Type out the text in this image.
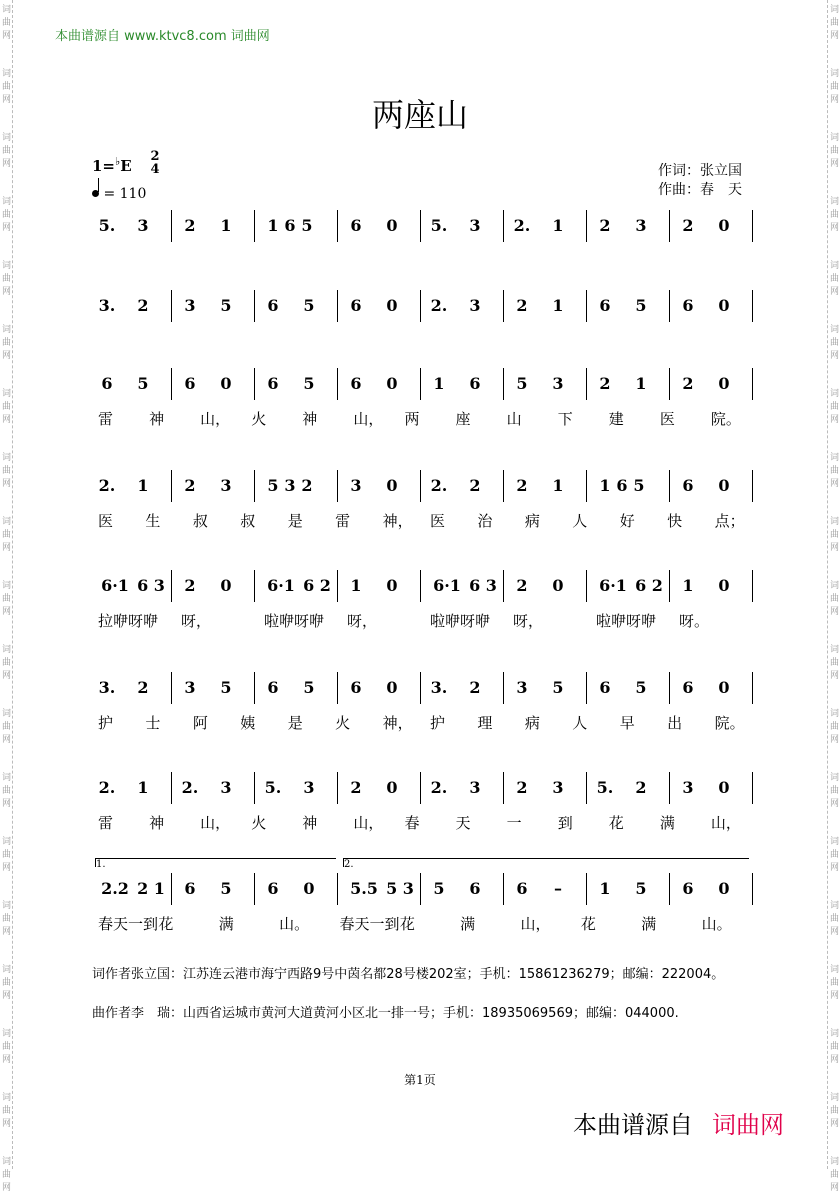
词
曲
网
词
曲
网
词
曲
网
词
曲
网
词
曲
网
词
曲
网
词
曲
网
词
曲
网
词
曲
网
词
曲
网
词
曲
网
词
曲
网
词
曲
网
词
曲
网
词
曲
网
词
曲
网
词
曲
网
词
曲
网
词
曲
网
词
曲
网
词
曲
网
词
曲
网
词
曲
网
词
曲
网
词
曲
网
词
曲
网
词
曲
网
词
曲
网
词
曲
网
词
曲
网
词
曲
网
词
曲
网
词
曲
网
词
曲
网
词
曲
网
词
曲
网
词
曲
网
词
曲
网
本曲谱源自 www.ktvc8.com 词曲网
两座山
1=♭E
2
4
= 110
作词：张立国
作曲：春　天
5. 3 2 1 1 6 5 6 0 5. 3 2. 1 2 3 2 0
3. 2 3 5 6 5 6 0 2. 3 2 1 6 5 6 0
6 5 6 0 6 5 6 0 1 6 5 3 2 1 2 0
雷 神 山， 火 神 山， 两 座 山 下 建 医 院。
2. 1 2 3 5 3 2 3 0 2. 2 2 1 1 6 5 6 0
医 生 叔 叔 是 雷 神， 医 治 病 人 好 快 点；
6·1 6 3 2 0 6·1 6 2 1 0 6·1 6 3 2 0 6·1 6 2 1 0
拉咿呀咿 呀，	啦咿呀咿 呀，	啦咿呀咿 呀，	啦咿呀咿 呀。
3. 2 3 5 6 5 6 0 3. 2 3 5 6 5 6 0
护 士 阿 姨 是 火 神， 护 理 病 人 早 出 院。
2. 1 2. 3 5. 3 2 0 2. 3 2 3 5. 2 3 0
雷 神 山， 火 神 山， 春 天 一 到 花 满 山，
2.2 2 1 6 5 6 0 5.5 5 3 5 6 6	–	1 5 6 0
春天一到 花	满	山。 春天一到 花	满	山， 花	满	山。
词作者张立国：江苏连云港市海宁西路9号中茵名都28号楼202室；手机：15861236279；邮编：222004。
曲作者李　瑞：山西省运城市黄河大道黄河小区北一排一号；手机：18935069569；邮编：044000.
第1页
本曲谱源自 词曲网
1.	2.
